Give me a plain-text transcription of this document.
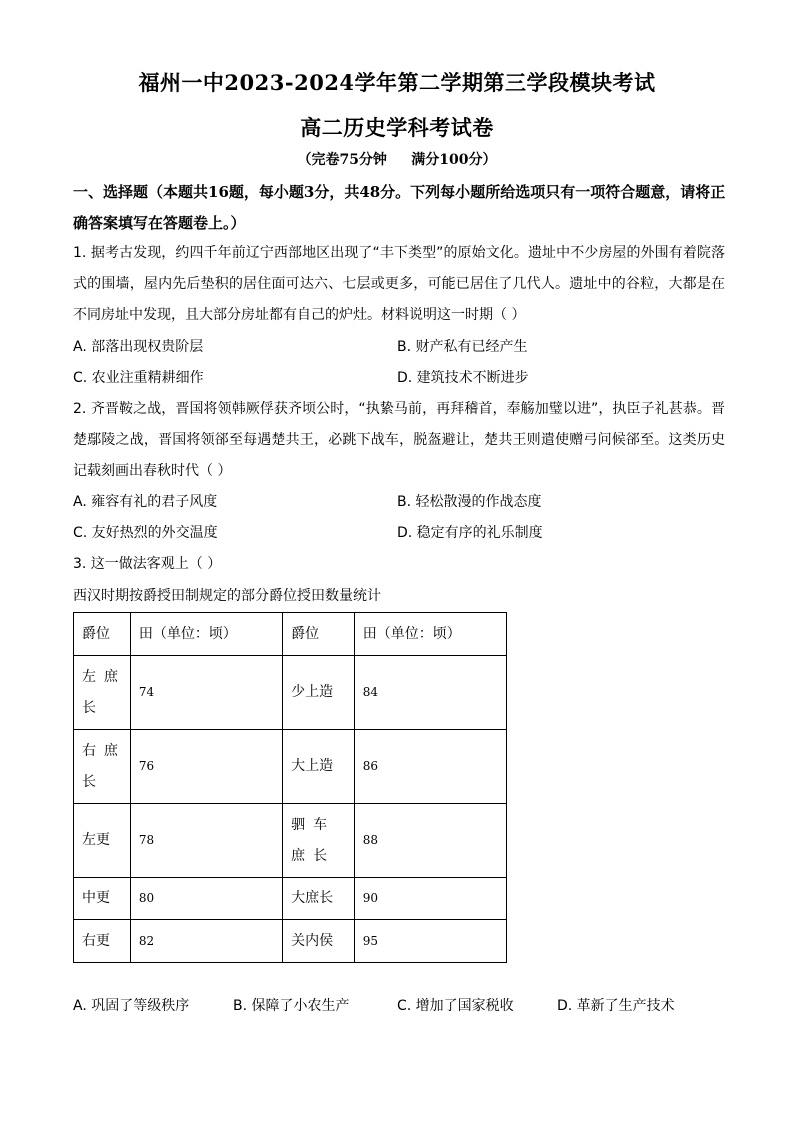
福州一中2023-2024学年第二学期第三学段模块考试
高二历史学科考试卷
（完卷75分钟     满分100分）
一、选择题（本题共16题，每小题3分，共48分。下列每小题所给选项只有一项符合题意，请将正确答案填写在答题卷上。）
1. 据考古发现，约四千年前辽宁西部地区出现了“丰下类型”的原始文化。遗址中不少房屋的外围有着院落式的围墙，屋内先后垫积的居住面可达六、七层或更多，可能已居住了几代人。遗址中的谷粒，大都是在不同房址中发现，且大部分房址都有自己的炉灶。材料说明这一时期（ ）
A. 部落出现权贵阶层	B. 财产私有已经产生
C. 农业注重精耕细作	D. 建筑技术不断进步
2. 齐晋鞍之战，晋国将领韩厥俘获齐顷公时，“执絷马前，再拜稽首，奉觞加璧以进”，执臣子礼甚恭。晋楚鄢陵之战，晋国将领郤至每遇楚共王，必跳下战车，脱盔避让，楚共王则遣使赠弓问候郤至。这类历史记载刻画出春秋时代（ ）
A. 雍容有礼的君子风度	B. 轻松散漫的作战态度
C. 友好热烈的外交温度	D. 稳定有序的礼乐制度
3. 这一做法客观上（ ）
西汉时期按爵授田制规定的部分爵位授田数量统计
爵位	田（单位：顷）	爵位	田（单位：顷）

左庶长	74	少上造	84

右庶长	76	大上造	86
左更	78	驷车庶长	88
中更	80	大庶长	90
右更	82	关内侯	95
A. 巩固了等级秩序	B. 保障了小农生产	C. 增加了国家税收	D. 革新了生产技术
